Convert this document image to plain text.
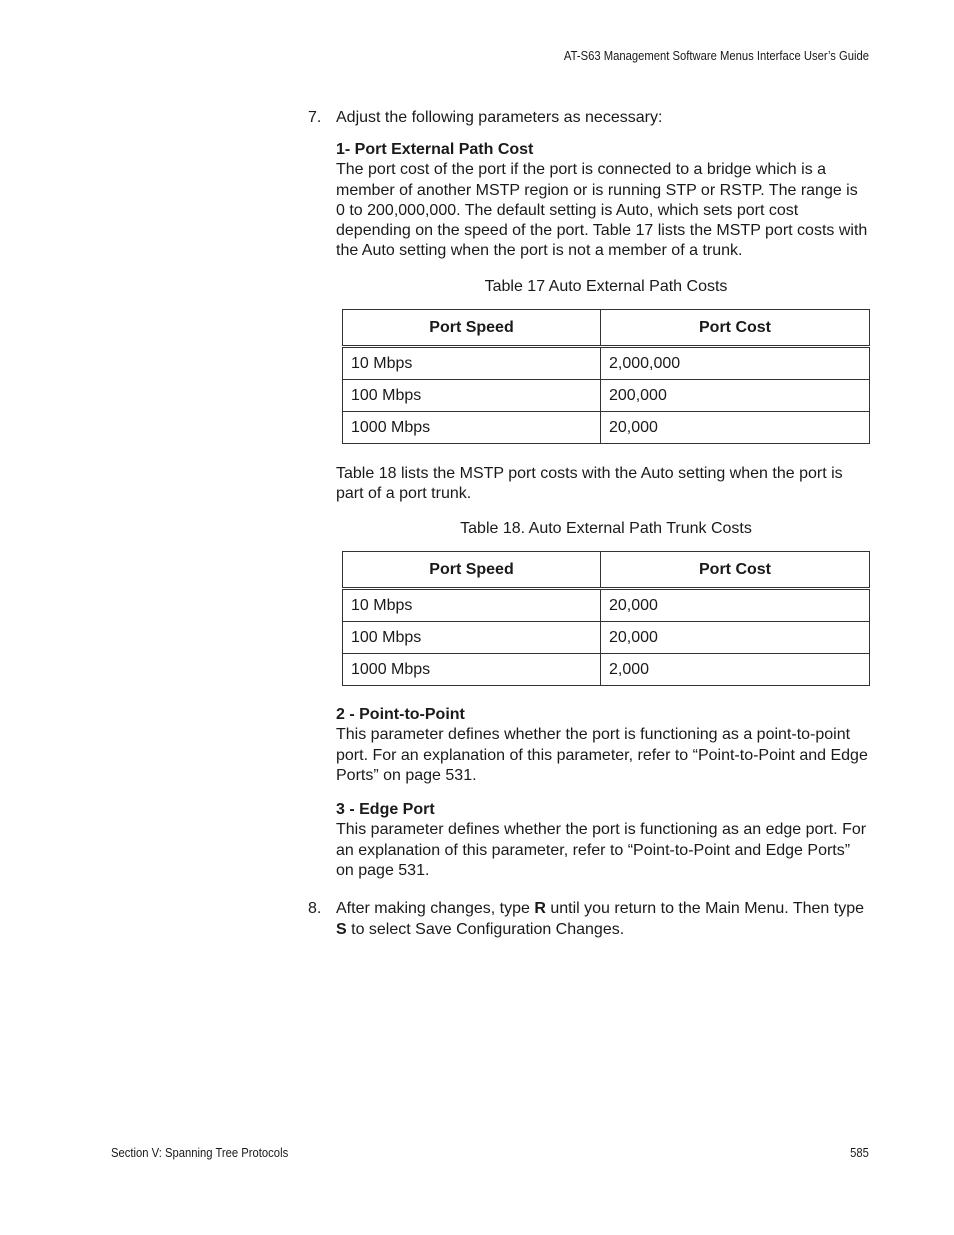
AT-S63 Management Software Menus Interface User’s Guide
7. Adjust the following parameters as necessary:
1- Port External Path Cost
The port cost of the port if the port is connected to a bridge which is a member of another MSTP region or is running STP or RSTP. The range is 0 to 200,000,000. The default setting is Auto, which sets port cost depending on the speed of the port. Table 17 lists the MSTP port costs with the Auto setting when the port is not a member of a trunk.
Table 17 Auto External Path Costs
Port Speed	Port Cost
10 Mbps	2,000,000
100 Mbps	200,000
1000 Mbps	20,000
Table 18 lists the MSTP port costs with the Auto setting when the port is part of a port trunk.
Table 18. Auto External Path Trunk Costs
Port Speed	Port Cost
10 Mbps	20,000
100 Mbps	20,000
1000 Mbps	2,000
2 - Point-to-Point
This parameter defines whether the port is functioning as a point-to-point port. For an explanation of this parameter, refer to “Point-to-Point and Edge Ports” on page 531.
3 - Edge Port
This parameter defines whether the port is functioning as an edge port. For an explanation of this parameter, refer to “Point-to-Point and Edge Ports” on page 531.
8. After making changes, type R until you return to the Main Menu. Then type S to select Save Configuration Changes.
Section V: Spanning Tree Protocols	585
